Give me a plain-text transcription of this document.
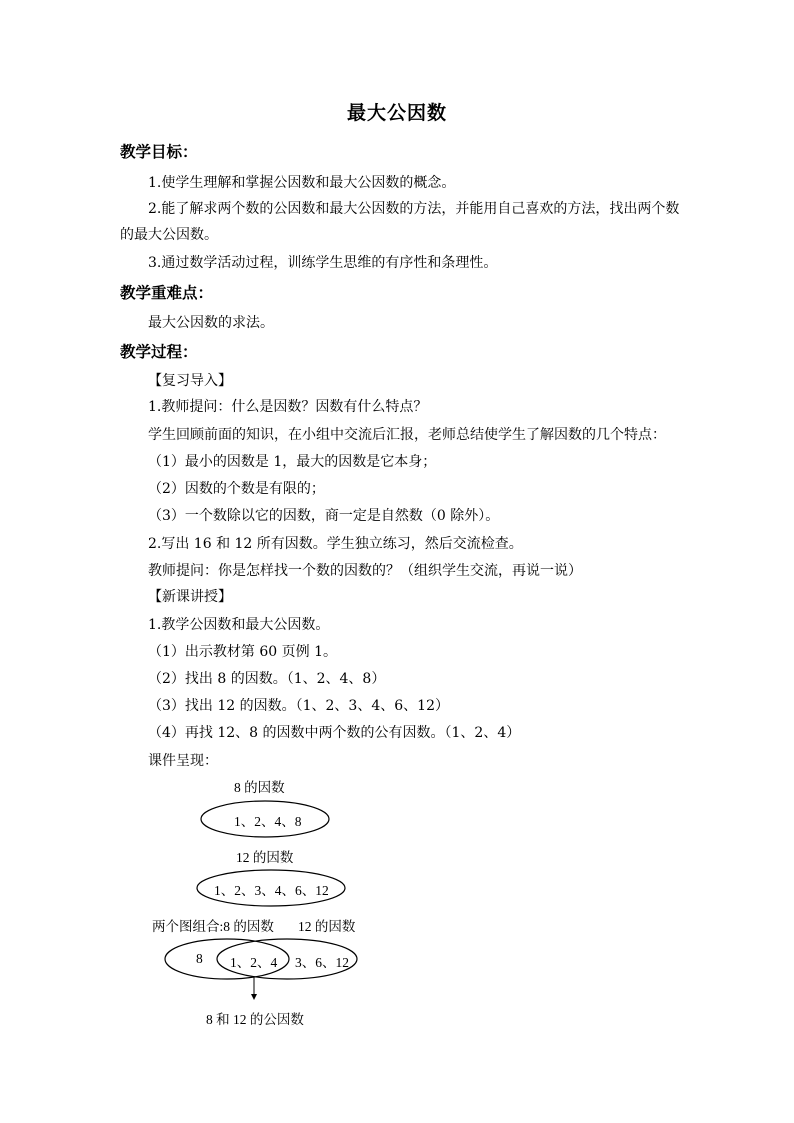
最大公因数
教学目标：
1.使学生理解和掌握公因数和最大公因数的概念。
2.能了解求两个数的公因数和最大公因数的方法，并能用自己喜欢的方法，找出两个数
的最大公因数。
3.通过数学活动过程，训练学生思维的有序性和条理性。
教学重难点：
最大公因数的求法。
教学过程：
【复习导入】
1.教师提问：什么是因数？因数有什么特点？
学生回顾前面的知识，在小组中交流后汇报，老师总结使学生了解因数的几个特点：
（1）最小的因数是 1，最大的因数是它本身；
（2）因数的个数是有限的；
（3）一个数除以它的因数，商一定是自然数（0 除外）。
2.写出 16 和 12 所有因数。学生独立练习，然后交流检查。
教师提问：你是怎样找一个数的因数的？（组织学生交流，再说一说）
【新课讲授】
1.教学公因数和最大公因数。
（1）出示教材第 60 页例 1。
（2）找出 8 的因数。（1、2、4、8）
（3）找出 12 的因数。（1、2、3、4、6、12）
（4）再找 12、8 的因数中两个数的公有因数。（1、2、4）
课件呈现：
8 的因数
1、2、4、8
12 的因数
1、2、3、4、6、12
两个图组合:8 的因数 12 的因数
8 1、2、4 3、6、12
8 和 12 的公因数
